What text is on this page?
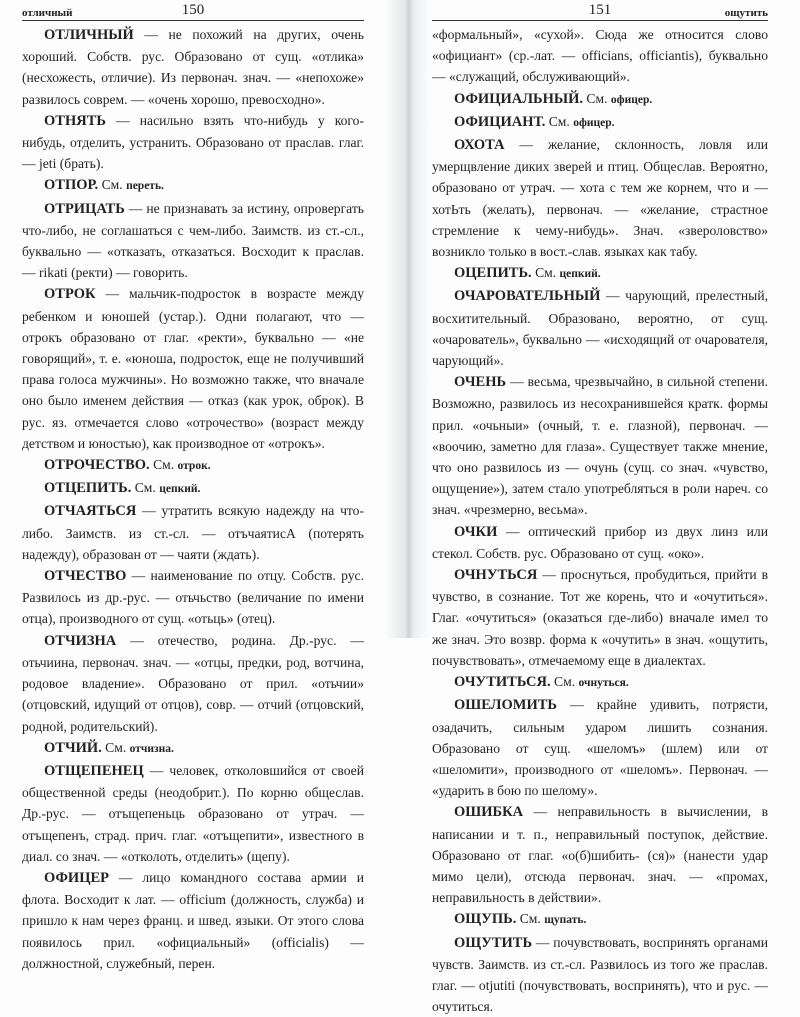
отличный	150

ОТЛИЧНЫЙ — не похожий на других, очень хороший. Собств. рус. Образовано от сущ. «отлика» (несхожесть, отличие). Из первонач. знач. — «непохоже» развилось соврем. — «очень хорошо, превосходно».

ОТНЯТЬ — насильно взять что-нибудь у кого-нибудь, отделить, устранить. Образовано от праслав. глаг. — jeti (брать).

ОТПОР. См. переть.

ОТРИЦАТЬ — не признавать за истину, опровергать что-либо, не соглашаться с чем-либо. Заимств. из ст.-сл., буквально — «отказать, отказаться. Восходит к праслав. — rikati (ректи) — говорить.

ОТРОК — мальчик-подросток в возрасте между ребенком и юношей (устар.). Одни полагают, что — отрокъ образовано от глаг. «ректи», буквально — «не говорящий», т. е. «юноша, подросток, еще не получивший права голоса мужчины». Но возможно также, что вначале оно было именем действия — отказ (как урок, оброк). В рус. яз. отмечается слово «отрочество» (возраст между детством и юностью), как производное от «отрокъ».

ОТРОЧЕСТВО. См. отрок.

ОТЦЕПИТЬ. См. цепкий.

ОТЧАЯТЬСЯ — утратить всякую надежду на что-либо. Заимств. из ст.-сл. — отъчаятисА (потерять надежду), образован от — чаяти (ждать).

ОТЧЕСТВО — наименование по отцу. Собств. рус. Развилось из др.-рус. — отьчьство (величание по имени отца), производного от сущ. «отьць» (отец).

ОТЧИЗНА — отечество, родина. Др.-рус. — отьчиина, первонач. знач. — «отцы, предки, род, вотчина, родовое владение». Образовано от прил. «отьчии» (отцовский, идущий от отцов), совр. — отчий (отцовский, родной, родительский).

ОТЧИЙ. См. отчизна.

ОТЩЕПЕНЕЦ — человек, отколовшийся от своей общественной среды (неодобрит.). По корню общеслав. Др.-рус. — отъщепеньць образовано от утрач. — отъщепенъ, страд. прич. глаг. «отъщепити», известного в диал. со знач. — «отколоть, отделить» (щепу).

ОФИЦЕР — лицо командного состава армии и флота. Восходит к лат. — officium (должность, служба) и пришло к нам через франц. и швед. языки. От этого слова появилось прил. «официальный» (officialis) — должностной, служебный, перен.

151	ощутить

«формальный», «сухой». Сюда же относится слово «официант» (ср.-лат. — officians, officiantis), буквально — «служащий, обслуживающий».

ОФИЦИАЛЬНЫЙ. См. офицер.

ОФИЦИАНТ. См. офицер.

ОХОТА — желание, склонность, ловля или умерщвление диких зверей и птиц. Общеслав. Вероятно, образовано от утрач. — хота с тем же корнем, что и — хотЬть (желать), первонач. — «желание, страстное стремление к чему-нибудь». Знач. «звероловство» возникло только в вост.-слав. языках как табу.

ОЦЕПИТЬ. См. цепкий.

ОЧАРОВАТЕЛЬНЫЙ — чарующий, прелестный, восхитительный. Образовано, вероятно, от сущ. «очарователь», буквально — «исходящий от очарователя, чарующий».

ОЧЕНЬ — весьма, чрезвычайно, в сильной степени. Возможно, развилось из несохранившейся кратк. формы прил. «очьныи» (очный, т. е. глазной), первонач. — «воочию, заметно для глаза». Существует также мнение, что оно развилось из — очунь (сущ. со знач. «чувство, ощущение»), затем стало употребляться в роли нареч. со знач. «чрезмерно, весьма».

ОЧКИ — оптический прибор из двух линз или стекол. Собств. рус. Образовано от сущ. «око».

ОЧНУТЬСЯ — проснуться, пробудиться, прийти в чувство, в сознание. Тот же корень, что и «очутиться». Глаг. «очутиться» (оказаться где-либо) вначале имел то же знач. Это возвр. форма к «очутить» в знач. «ощутить, почувствовать», отмечаемому еще в диалектах.

ОЧУТИТЬСЯ. См. очнуться.

ОШЕЛОМИТЬ — крайне удивить, потрясти, озадачить, сильным ударом лишить сознания. Образовано от сущ. «шеломъ» (шлем) или от «шеломити», производного от «шеломъ». Первонач. — «ударить в бою по шелому».

ОШИБКА — неправильность в вычислении, в написании и т. п., неправильный поступок, действие. Образовано от глаг. «о(б)шибить- (ся)» (нанести удар мимо цели), отсюда первонач. знач. — «промах, неправильность в действии».

ОЩУПЬ. См. щупать.

ОЩУТИТЬ — почувствовать, воспринять органами чувств. Заимств. из ст.-сл. Развилось из того же праслав. глаг. — otjutiti (почувствовать, воспринять), что и рус. — очутиться.
